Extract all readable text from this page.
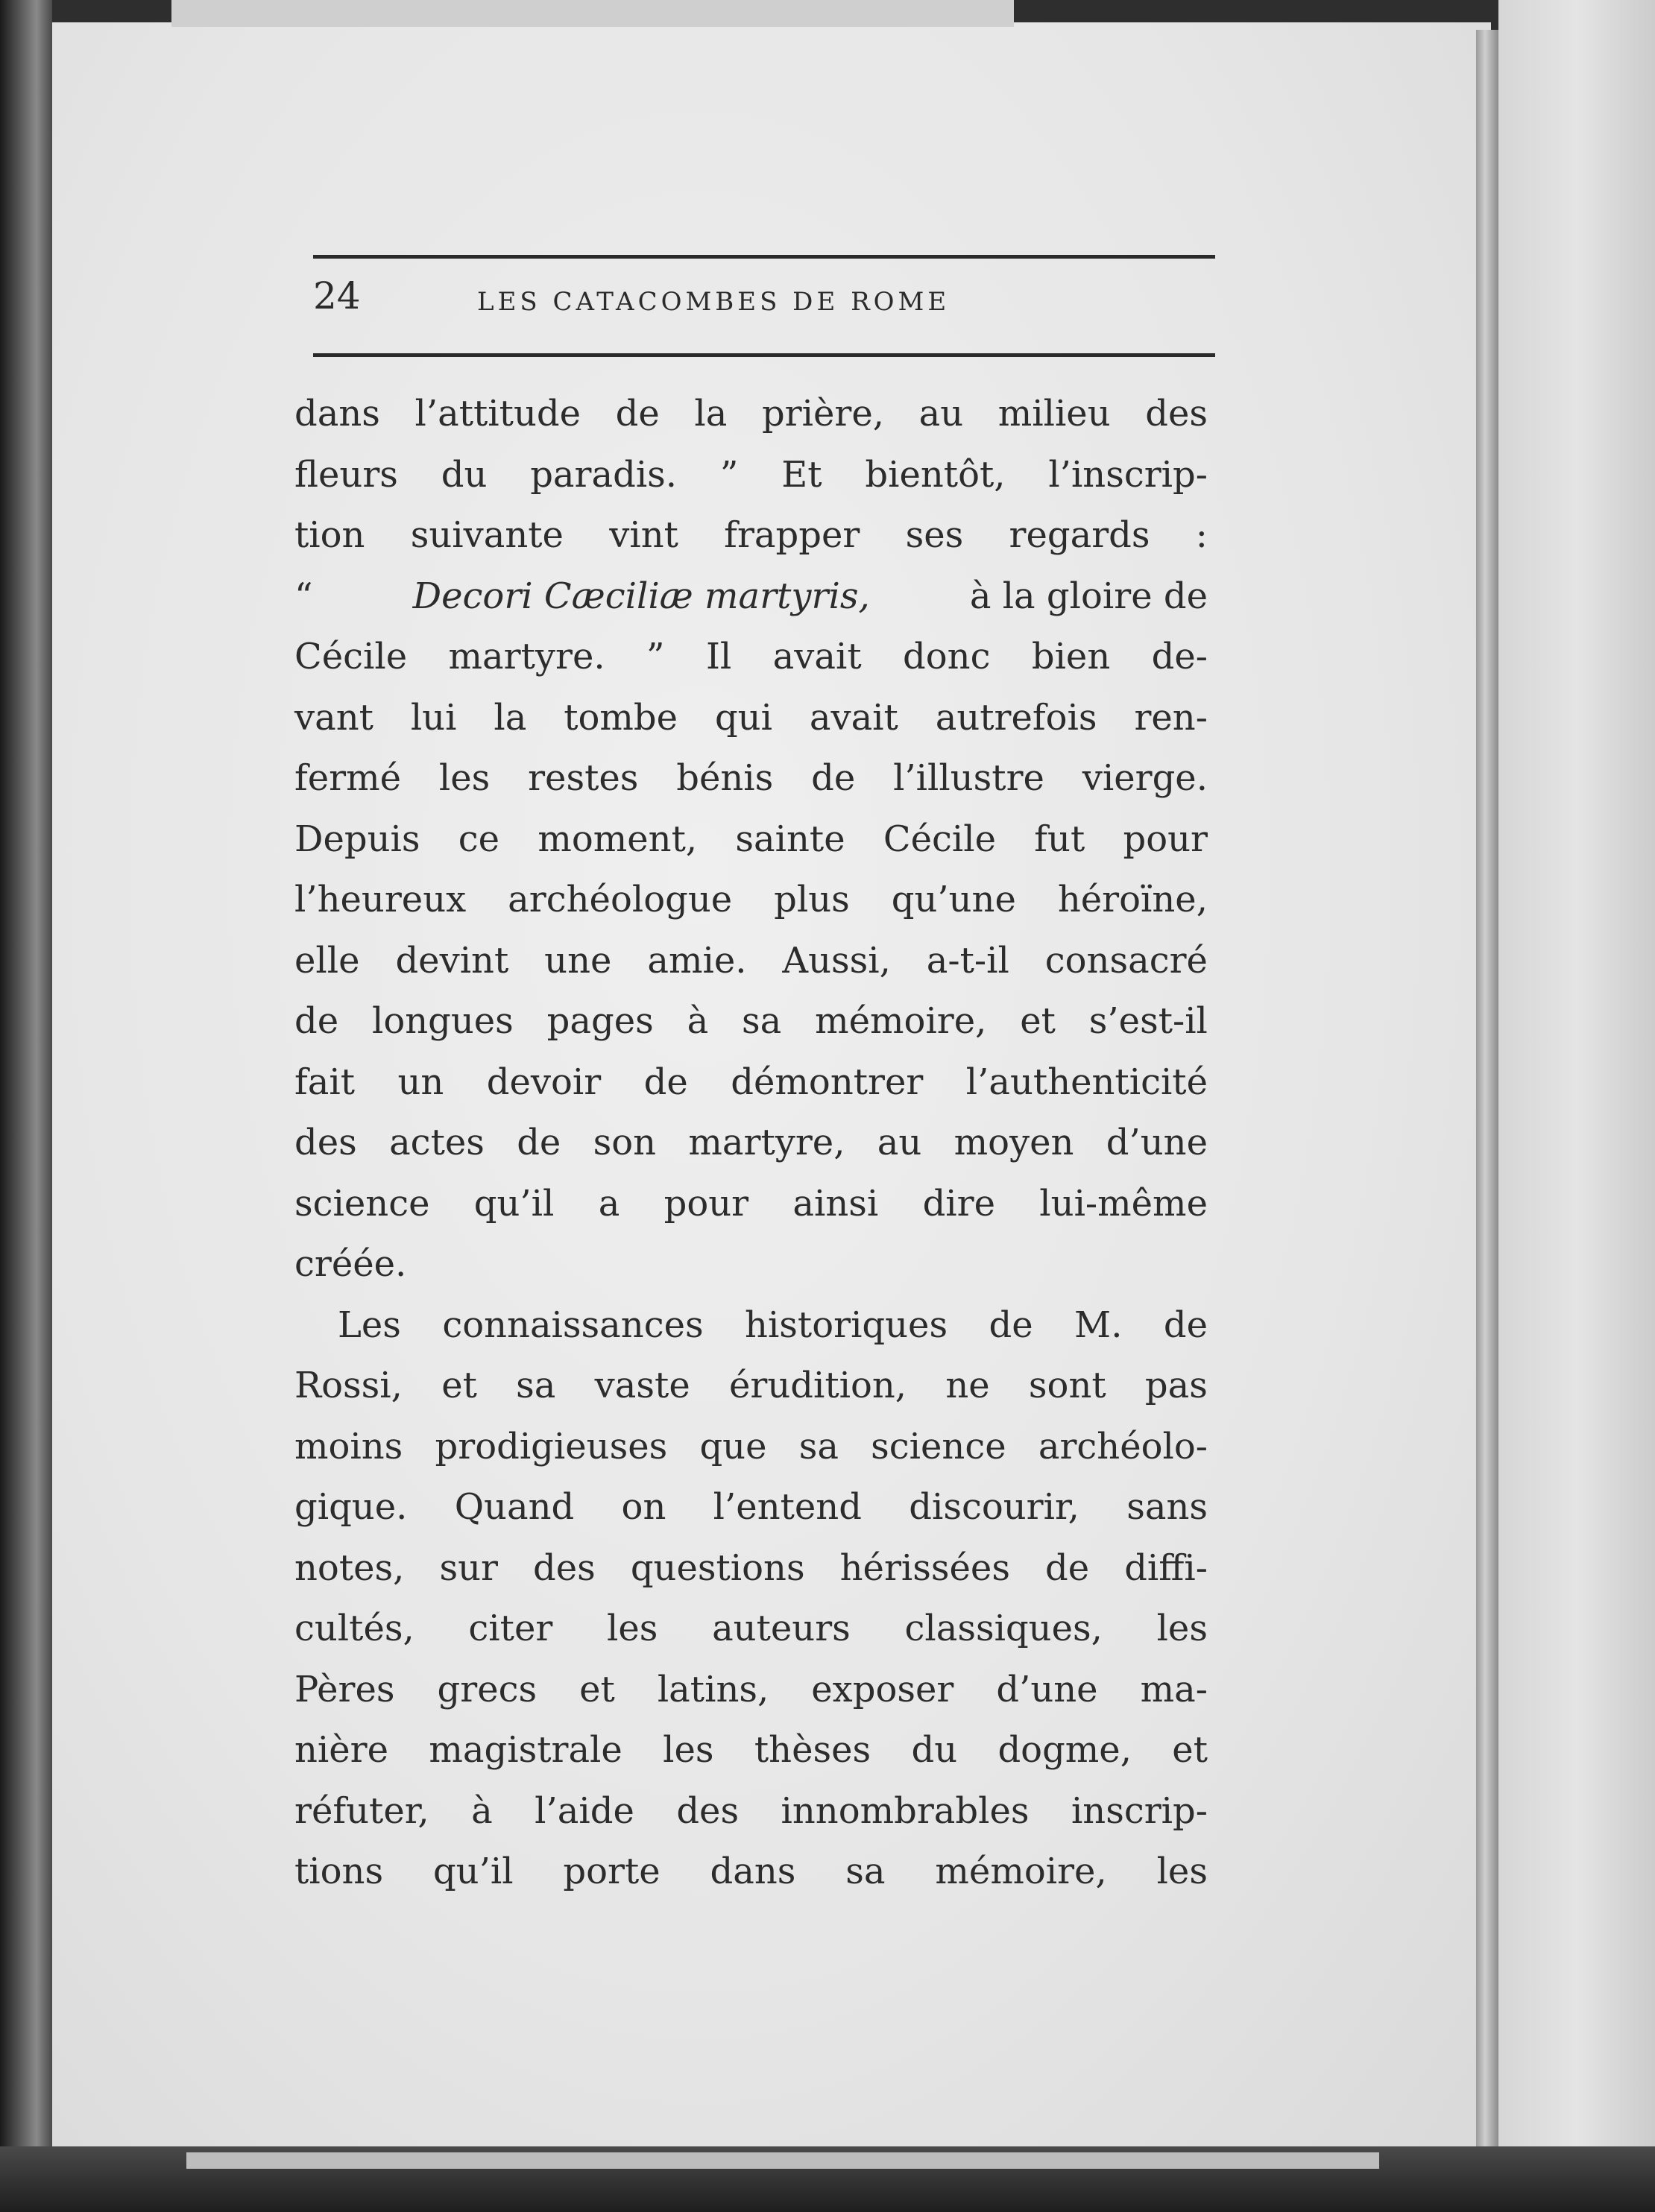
24	LES CATACOMBES DE ROME
dans l’attitude de la prière, au milieu des
fleurs du paradis. ” Et bientôt, l’inscrip-
tion suivante vint frapper ses regards :
“	Decori Cæciliæ martyris,	à la gloire de
Cécile martyre. ” Il avait donc bien de-
vant lui la tombe qui avait autrefois ren-
fermé les restes bénis de l’illustre vierge.
Depuis ce moment, sainte Cécile fut pour
l’heureux archéologue plus qu’une héroïne,
elle devint une amie. Aussi, a-t-il consacré
de longues pages à sa mémoire, et s’est-il
fait un devoir de démontrer l’authenticité
des actes de son martyre, au moyen d’une
science qu’il a pour ainsi dire lui-même
créée.
Les connaissances historiques de M. de
Rossi, et sa vaste érudition, ne sont pas
moins prodigieuses que sa science archéolo-
gique. Quand on l’entend discourir, sans
notes, sur des questions hérissées de diffi-
cultés, citer les auteurs classiques, les
Pères grecs et latins, exposer d’une ma-
nière magistrale les thèses du dogme, et
réfuter, à l’aide des innombrables inscrip-
tions qu’il porte dans sa mémoire, les
